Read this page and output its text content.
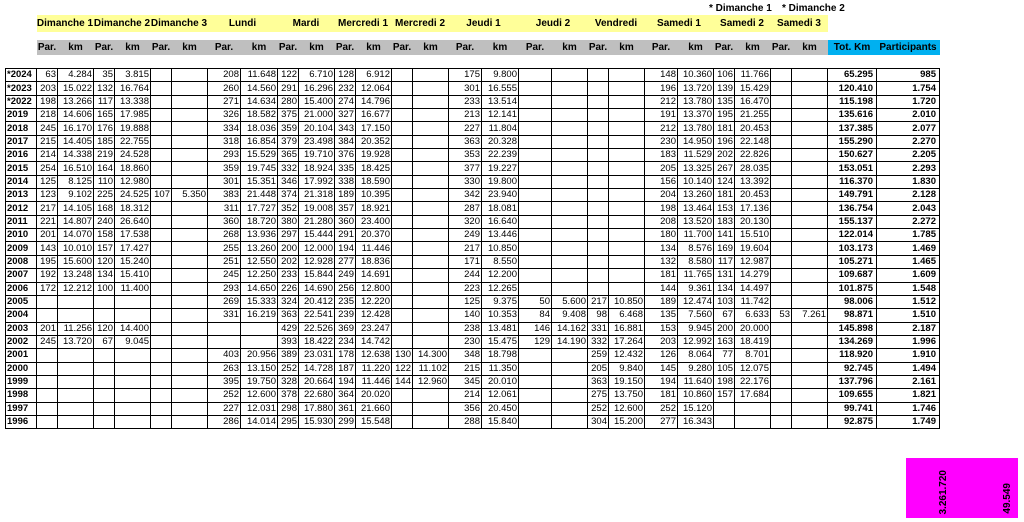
* Dimanche 1 * Dimanche 2
	Dimanche 1		Dimanche 2		Dimanche 3		Lundi		Mardi		Mercredi 1		Mercredi 2		Jeudi 1		Jeudi 2		Vendredi		Samedi 1		Samedi 2		Samedi 3			

	Par.	km	Par.	km	Par.	km	Par.	km	Par.	km	Par.	km	Par.	km	Par.	km	Par.	km	Par.	km	Par.	km	Par.	km	Par.	km	Tot. Km	Participants

*2024	63	4.284	35	3.815			208	11.648	122	6.710	128	6.912			175	9.800					148	10.360	106	11.766			65.295	985
*2023	203	15.022	132	16.764			260	14.560	291	16.296	232	12.064			301	16.555					196	13.720	139	15.429			120.410	1.754
*2022	198	13.266	117	13.338			271	14.634	280	15.400	274	14.796			233	13.514					212	13.780	135	16.470			115.198	1.720
2019	218	14.606	165	17.985			326	18.582	375	21.000	327	16.677			213	12.141					191	13.370	195	21.255			135.616	2.010
2018	245	16.170	176	19.888			334	18.036	359	20.104	343	17.150			227	11.804					212	13.780	181	20.453			137.385	2.077
2017	215	14.405	185	22.755			318	16.854	379	23.498	384	20.352			363	20.328					230	14.950	196	22.148			155.290	2.270
2016	214	14.338	219	24.528			293	15.529	365	19.710	376	19.928			353	22.239					183	11.529	202	22.826			150.627	2.205
2015	254	16.510	164	18.860			359	19.745	332	18.924	335	18.425			377	19.227					205	13.325	267	28.035			153.051	2.293
2014	125	8.125	110	12.980			301	15.351	346	17.992	338	18.590			330	19.800					156	10.140	124	13.392			116.370	1.830
2013	123	9.102	225	24.525	107	5.350	383	21.448	374	21.318	189	10.395			342	23.940					204	13.260	181	20.453			149.791	2.128
2012	217	14.105	168	18.312			311	17.727	352	19.008	357	18.921			287	18.081					198	13.464	153	17.136			136.754	2.043
2011	221	14.807	240	26.640			360	18.720	380	21.280	360	23.400			320	16.640					208	13.520	183	20.130			155.137	2.272
2010	201	14.070	158	17.538			268	13.936	297	15.444	291	20.370			249	13.446					180	11.700	141	15.510			122.014	1.785
2009	143	10.010	157	17.427			255	13.260	200	12.000	194	11.446			217	10.850					134	8.576	169	19.604			103.173	1.469
2008	195	15.600	120	15.240			251	12.550	202	12.928	277	18.836			171	8.550					132	8.580	117	12.987			105.271	1.465
2007	192	13.248	134	15.410			245	12.250	233	15.844	249	14.691			244	12.200					181	11.765	131	14.279			109.687	1.609
2006	172	12.212	100	11.400			293	14.650	226	14.690	256	12.800			223	12.265					144	9.361	134	14.497			101.875	1.548
2005							269	15.333	324	20.412	235	12.220			125	9.375	50	5.600	217	10.850	189	12.474	103	11.742			98.006	1.512
2004							331	16.219	363	22.541	239	12.428			140	10.353	84	9.408	98	6.468	135	7.560	67	6.633	53	7.261	98.871	1.510
2003	201	11.256	120	14.400					429	22.526	369	23.247			238	13.481	146	14.162	331	16.881	153	9.945	200	20.000			145.898	2.187
2002	245	13.720	67	9.045					393	18.422	234	14.742			230	15.475	129	14.190	332	17.264	203	12.992	163	18.419			134.269	1.996
2001							403	20.956	389	23.031	178	12.638	130	14.300	348	18.798			259	12.432	126	8.064	77	8.701			118.920	1.910
2000							263	13.150	252	14.728	187	11.220	122	11.102	215	11.350			205	9.840	145	9.280	105	12.075			92.745	1.494
1999							395	19.750	328	20.664	194	11.446	144	12.960	345	20.010			363	19.150	194	11.640	198	22.176			137.796	2.161
1998							252	12.600	378	22.680	364	20.020			214	12.061			275	13.750	181	10.860	157	17.684			109.655	1.821
1997							227	12.031	298	17.880	361	21.660			356	20.450			252	12.600	252	15.120					99.741	1.746
1996							286	14.014	295	15.930	299	15.548			288	15.840			304	15.200	277	16.343					92.875	1.749
3.261.720	49.549
